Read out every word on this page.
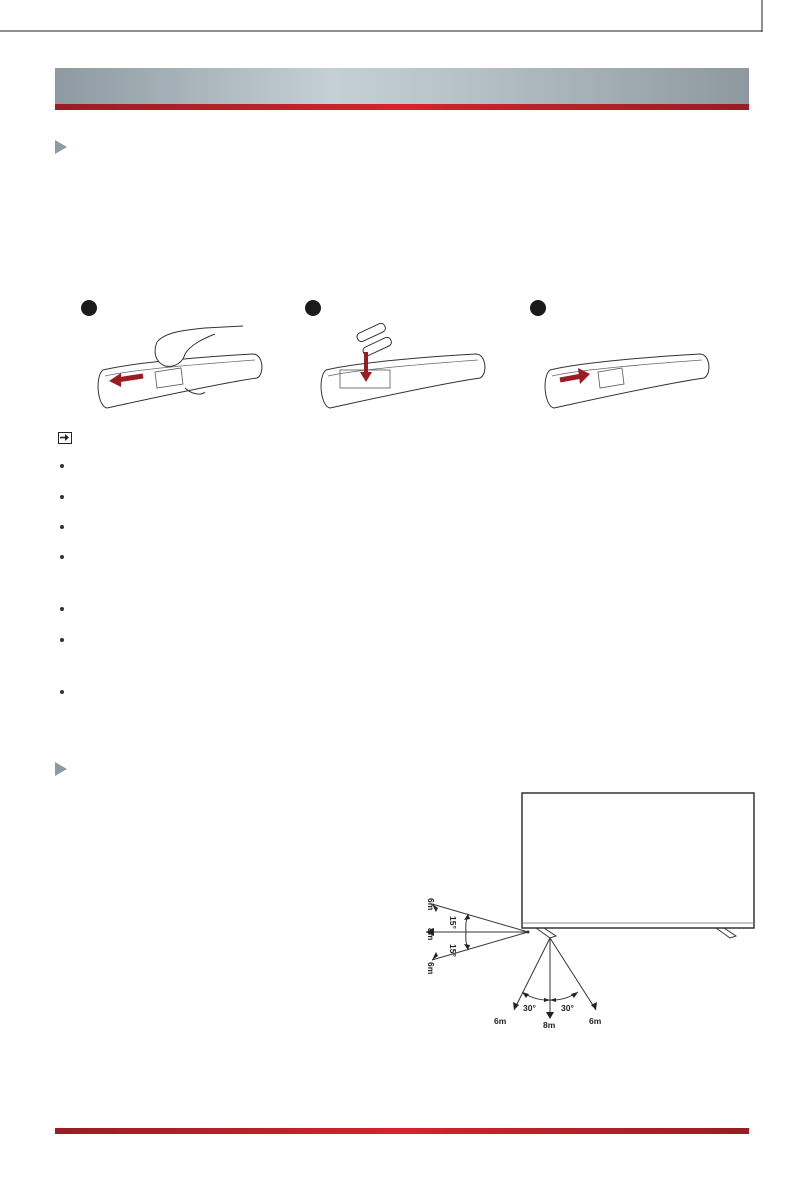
6m
8m
6m
15°
15°
30°	30°
6m	8m	6m
